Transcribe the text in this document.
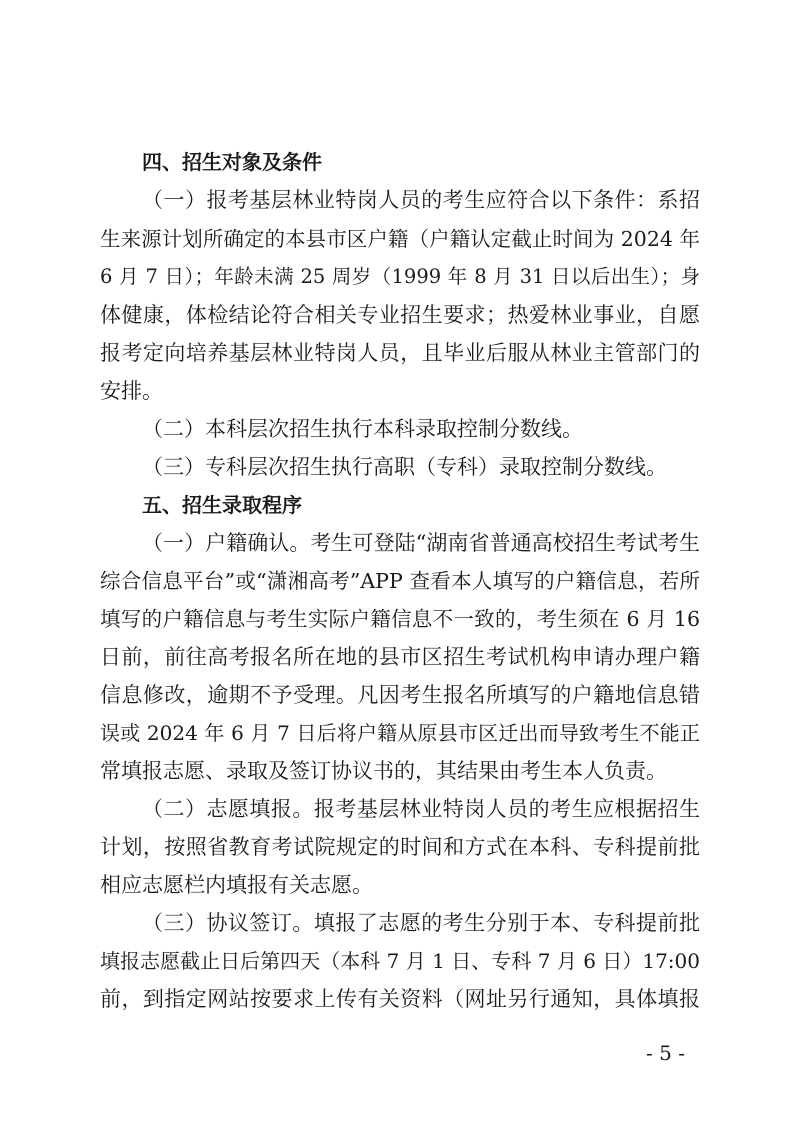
四、招生对象及条件
（一）报考基层林业特岗人员的考生应符合以下条件：系招
生来源计划所确定的本县市区户籍（户籍认定截止时间为 2024 年
6 月 7 日）；年龄未满 25 周岁（1999 年 8 月 31 日以后出生）；身
体健康，体检结论符合相关专业招生要求；热爱林业事业，自愿
报考定向培养基层林业特岗人员，且毕业后服从林业主管部门的
安排。
（二）本科层次招生执行本科录取控制分数线。
（三）专科层次招生执行高职（专科）录取控制分数线。
五、招生录取程序
（一）户籍确认。考生可登陆“湖南省普通高校招生考试考生
综合信息平台”或“潇湘高考”APP 查看本人填写的户籍信息，若所
填写的户籍信息与考生实际户籍信息不一致的，考生须在 6 月 16
日前，前往高考报名所在地的县市区招生考试机构申请办理户籍
信息修改，逾期不予受理。凡因考生报名所填写的户籍地信息错
误或 2024 年 6 月 7 日后将户籍从原县市区迁出而导致考生不能正
常填报志愿、录取及签订协议书的，其结果由考生本人负责。
（二）志愿填报。报考基层林业特岗人员的考生应根据招生
计划，按照省教育考试院规定的时间和方式在本科、专科提前批
相应志愿栏内填报有关志愿。
（三）协议签订。填报了志愿的考生分别于本、专科提前批
填报志愿截止日后第四天（本科 7 月 1 日、专科 7 月 6 日）17:00
前，到指定网站按要求上传有关资料（网址另行通知，具体填报
- 5 -
